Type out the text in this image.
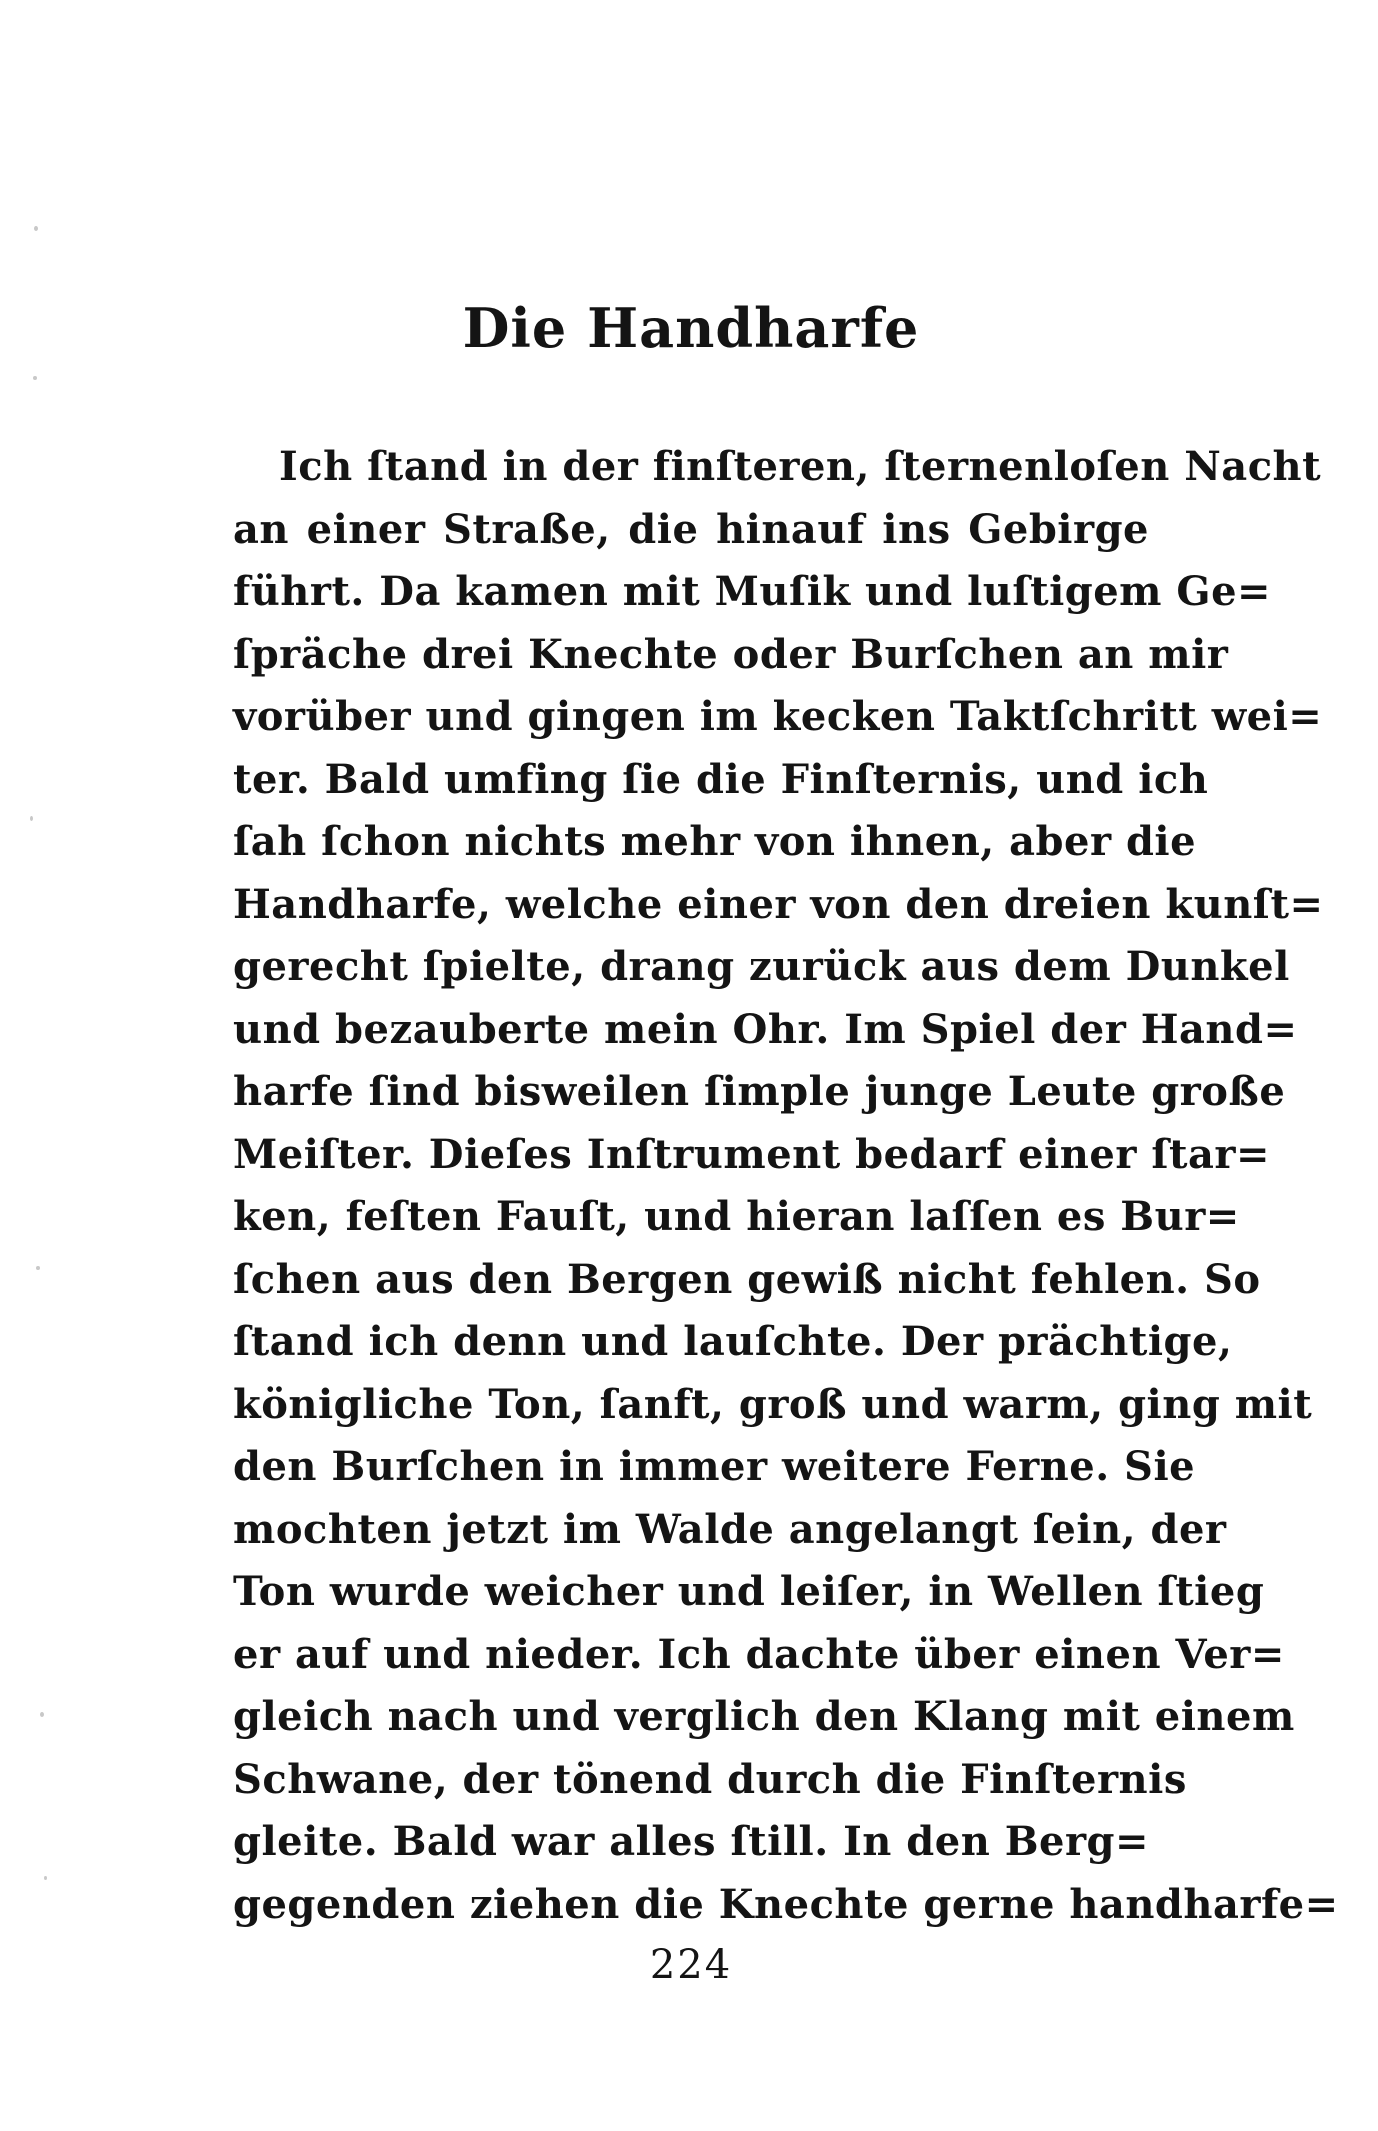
Die Handharfe
Ich ſtand in der finſteren, ſternenloſen Nacht
an einer Straße, die hinauf ins Gebirge
führt. Da kamen mit Muſik und luſtigem Ge=
ſpräche drei Knechte oder Burſchen an mir
vorüber und gingen im kecken Taktſchritt wei=
ter. Bald umfing ſie die Finſternis, und ich
ſah ſchon nichts mehr von ihnen, aber die
Handharfe, welche einer von den dreien kunſt=
gerecht ſpielte, drang zurück aus dem Dunkel
und bezauberte mein Ohr. Im Spiel der Hand=
harfe ſind bisweilen ſimple junge Leute große
Meiſter. Dieſes Inſtrument bedarf einer ſtar=
ken, feſten Fauſt, und hieran laſſen es Bur=
ſchen aus den Bergen gewiß nicht fehlen. So
ſtand ich denn und lauſchte. Der prächtige,
königliche Ton, ſanft, groß und warm, ging mit
den Burſchen in immer weitere Ferne. Sie
mochten jetzt im Walde angelangt ſein, der
Ton wurde weicher und leiſer, in Wellen ſtieg
er auf und nieder. Ich dachte über einen Ver=
gleich nach und verglich den Klang mit einem
Schwane, der tönend durch die Finſternis
gleite. Bald war alles ſtill. In den Berg=
gegenden ziehen die Knechte gerne handharfe=
224
